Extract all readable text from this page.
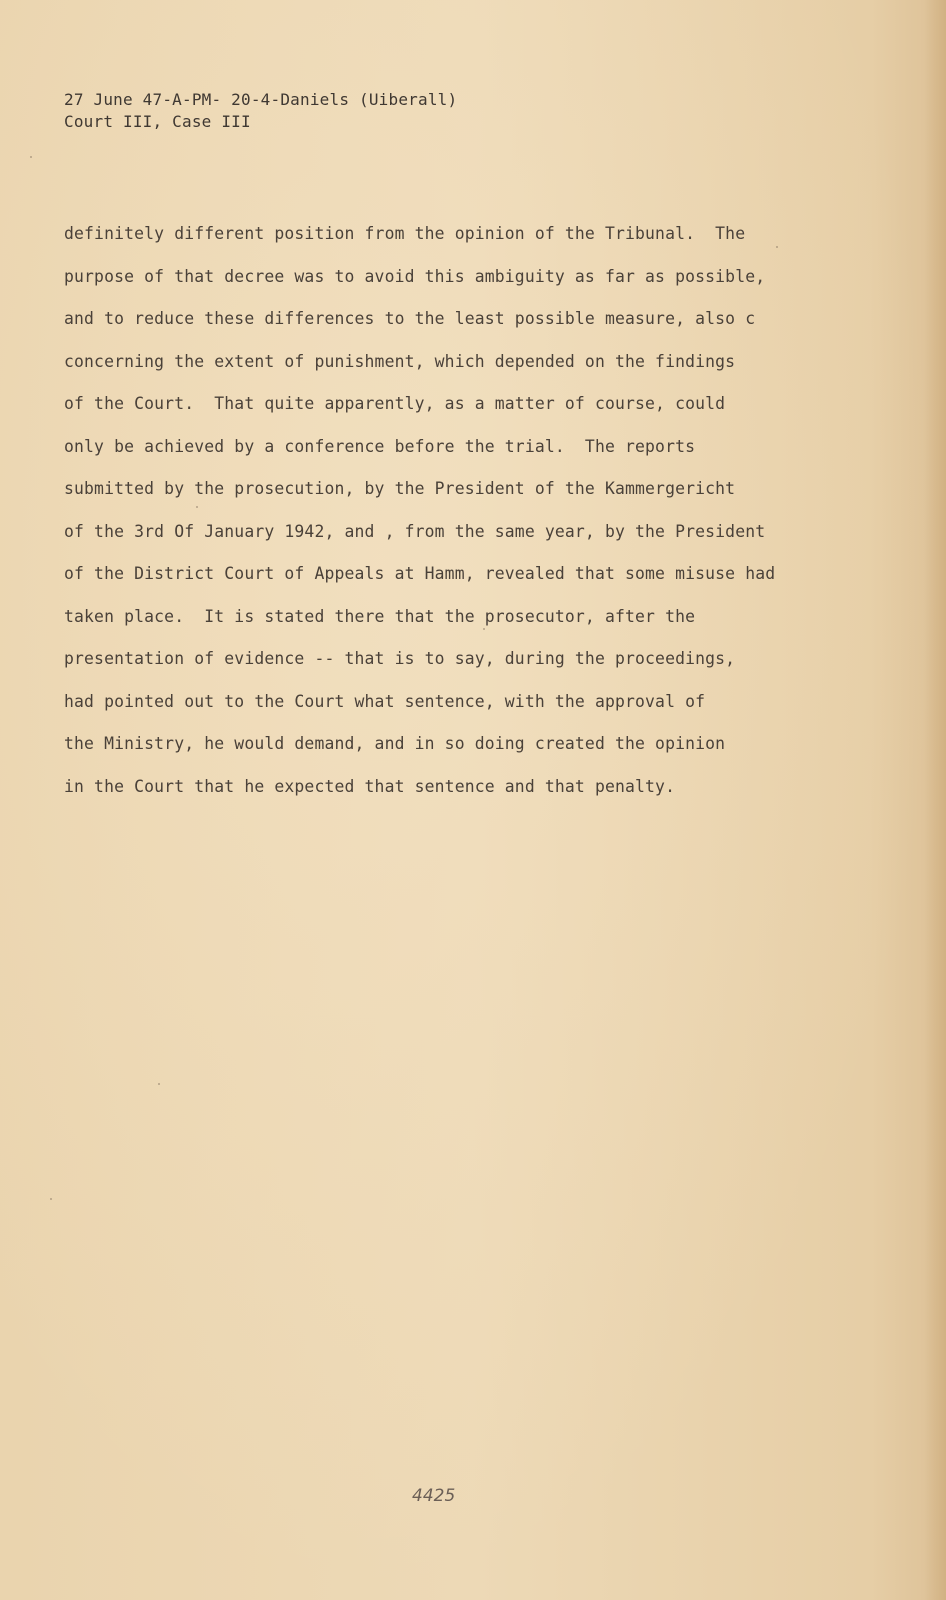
27 June 47-A-PM- 20-4-Daniels (Uiberall)
Court III, Case III
definitely different position from the opinion of the Tribunal.  The
purpose of that decree was to avoid this ambiguity as far as possible,
and to reduce these differences to the least possible measure, also c
concerning the extent of punishment, which depended on the findings
of the Court.  That quite apparently, as a matter of course, could
only be achieved by a conference before the trial.  The reports
submitted by the prosecution, by the President of the Kammergericht
of the 3rd Of January 1942, and , from the same year, by the President
of the District Court of Appeals at Hamm, revealed that some misuse had
taken place.  It is stated there that the prosecutor, after the
presentation of evidence -- that is to say, during the proceedings,
had pointed out to the Court what sentence, with the approval of
the Ministry, he would demand, and in so doing created the opinion
in the Court that he expected that sentence and that penalty.
4425
